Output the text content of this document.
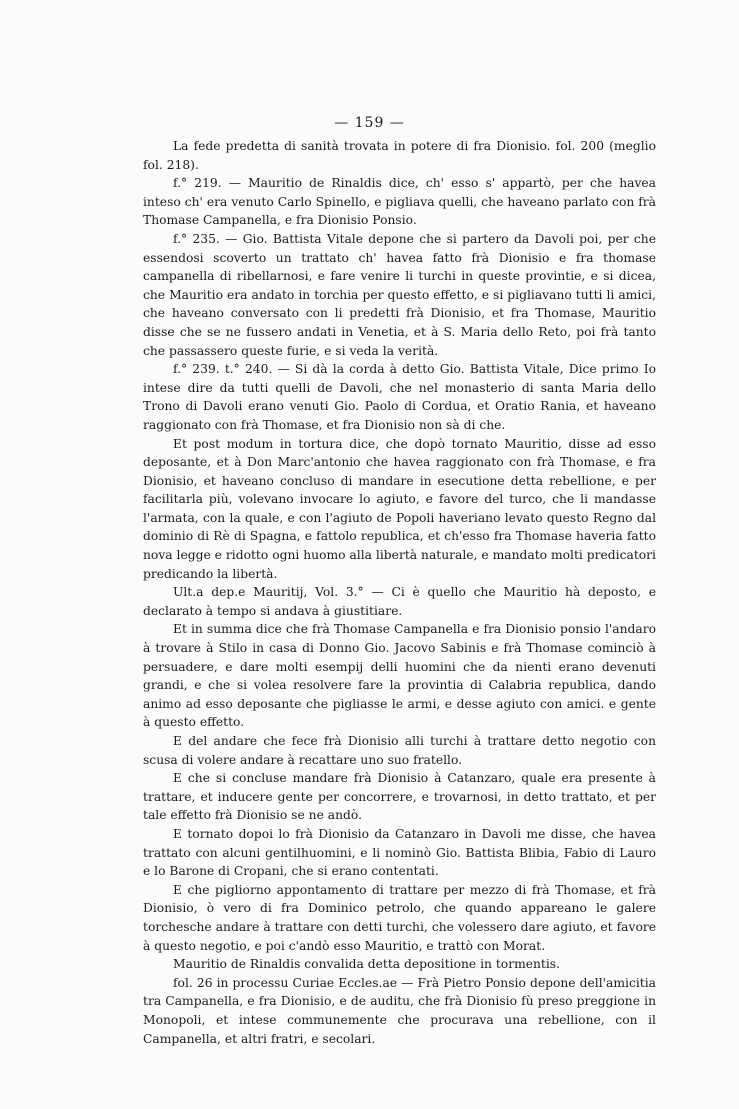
— 159 —

La fede predetta di sanità trovata in potere di fra Dionisio. fol. 200 (meglio fol. 218).

f.° 219. — Mauritio de Rinaldis dice, ch' esso s' appartò, per che havea inteso ch' era venuto Carlo Spinello, e pigliava quelli, che haveano parlato con frà Thomase Campanella, e fra Dionisio Ponsio.

f.° 235. — Gio. Battista Vitale depone che si partero da Davoli poi, per che essendosi scoverto un trattato ch' havea fatto frà Dionisio e fra thomase campanella di ribellarnosi, e fare venire li turchi in queste provintie, e si dicea, che Mauritio era andato in torchia per questo effetto, e si pigliavano tutti li amici, che haveano conversato con li predetti frà Dionisio, et fra Thomase, Mauritio disse che se ne fussero andati in Venetia, et à S. Maria dello Reto, poi frà tanto che passassero queste furie, e si veda la verità.

f.° 239. t.° 240. — Si dà la corda à detto Gio. Battista Vitale, Dice primo Io intese dire da tutti quelli de Davoli, che nel monasterio di santa Maria dello Trono di Davoli erano venuti Gio. Paolo di Cordua, et Oratio Rania, et haveano raggionato con frà Thomase, et fra Dionisio non sà di che.

Et post modum in tortura dice, che dopò tornato Mauritio, disse ad esso deposante, et à Don Marc'antonio che havea raggionato con frà Thomase, e fra Dionisio, et haveano concluso di mandare in esecutione detta rebellione, e per facilitarla più, volevano invocare lo agiuto, e favore del turco, che li mandasse l'armata, con la quale, e con l'agiuto de Popoli haveriano levato questo Regno dal dominio di Rè di Spagna, e fattolo republica, et ch'esso fra Thomase haveria fatto nova legge e ridotto ogni huomo alla libertà naturale, e mandato molti predicatori predicando la libertà.

Ult.a dep.e Mauritij, Vol. 3.° — Ci è quello che Mauritio hà deposto, e declarato à tempo si andava à giustitiare.

Et in summa dice che frà Thomase Campanella e fra Dionisio ponsio l'andaro à trovare à Stilo in casa di Donno Gio. Jacovo Sabinis e frà Thomase cominciò à persuadere, e dare molti esempij delli huomini che da nienti erano devenuti grandi, e che si volea resolvere fare la provintia di Calabria republica, dando animo ad esso deposante che pigliasse le armi, e desse agiuto con amici. e gente à questo effetto.

E del andare che fece frà Dionisio alli turchi à trattare detto negotio con scusa di volere andare à recattare uno suo fratello.

E che si concluse mandare frà Dionisio à Catanzaro, quale era presente à trattare, et inducere gente per concorrere, e trovarnosi, in detto trattato, et per tale effetto frà Dionisio se ne andò.

E tornato dopoi lo frà Dionisio da Catanzaro in Davoli me disse, che havea trattato con alcuni gentilhuomini, e li nominò Gio. Battista Blibia, Fabio di Lauro e lo Barone di Cropani, che si erano contentati.

E che pigliorno appontamento di trattare per mezzo di frà Thomase, et frà Dionisio, ò vero di fra Dominico petrolo, che quando appareano le galere torchesche andare à trattare con detti turchi, che volessero dare agiuto, et favore à questo negotio, e poi c'andò esso Mauritio, e trattò con Morat.

Mauritio de Rinaldis convalida detta depositione in tormentis.

fol. 26 in processu Curiae Eccles.ae — Frà Pietro Ponsio depone dell'amicitia tra Campanella, e fra Dionisio, e de auditu, che frà Dionisio fù preso preggione in Monopoli, et intese communemente che procurava una rebellione, con il Campanella, et altri fratri, e secolari.
